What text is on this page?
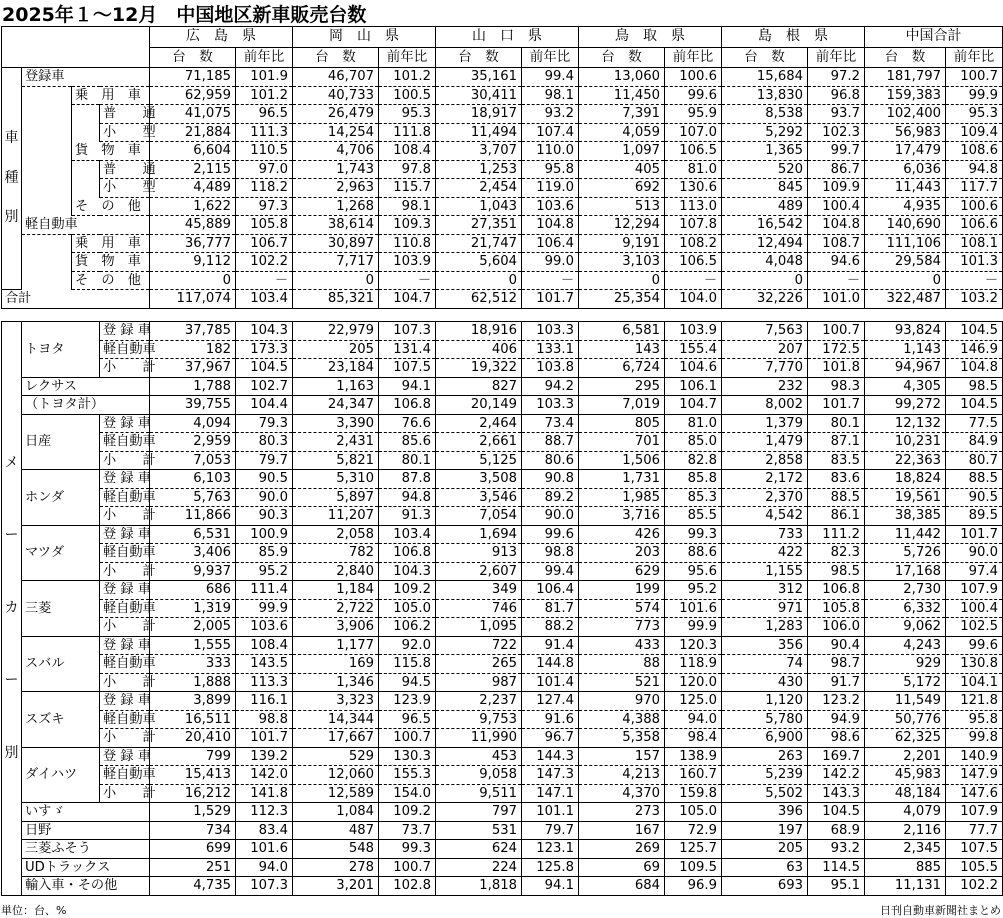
2025年１～12月　中国地区新車販売台数
				広　島　県		岡　山　県		山　口　県		鳥　取　県		島　根　県		中国合計	
				台　数	前年比	台　数	前年比	台　数	前年比	台　数	前年比	台　数	前年比	台　数	前年比

車
種
別	登録車			71,185	101.9	46,707	101.2	35,161	99.4	13,060	100.6	15,684	97.2	181,797	100.7
		乗　用　車		62,959	101.2	40,733	100.5	30,411	98.1	11,450	99.6	13,830	96.8	159,383	99.9
			普　　通	41,075	96.5	26,479	95.3	18,917	93.2	7,391	95.9	8,538	93.7	102,400	95.3
			小　　型	21,884	111.3	14,254	111.8	11,494	107.4	4,059	107.0	5,292	102.3	56,983	109.4
		貨　物　車		6,604	110.5	4,706	108.4	3,707	110.0	1,097	106.5	1,365	99.7	17,479	108.6
			普　　通	2,115	97.0	1,743	97.8	1,253	95.8	405	81.0	520	86.7	6,036	94.8
			小　　型	4,489	118.2	2,963	115.7	2,454	119.0	692	130.6	845	109.9	11,443	117.7
		そ　の　他		1,622	97.3	1,268	98.1	1,043	103.6	513	113.0	489	100.4	4,935	100.6
	軽自動車			45,889	105.8	38,614	109.3	27,351	104.8	12,294	107.8	16,542	104.8	140,690	106.6
		乗　用　車		36,777	106.7	30,897	110.8	21,747	106.4	9,191	108.2	12,494	108.7	111,106	108.1
		貨　物　車		9,112	102.2	7,717	103.9	5,604	99.0	3,103	106.5	4,048	94.6	29,584	101.3
		そ　の　他		0	－	0	－	0	－	0	－	0	－	0	－
合計				117,074	103.4	85,321	104.7	62,512	101.7	25,354	104.0	32,226	101.0	322,487	103.2
メ
ー
カ
ー
別	トヨタ	登 録 車	37,785	104.3	22,979	107.3	18,916	103.3	6,581	103.9	7,563	100.7	93,824	104.5
		軽自動車	182	173.3	205	131.4	406	133.1	143	155.4	207	172.5	1,143	146.9
		小　　計	37,967	104.5	23,184	107.5	19,322	103.8	6,724	104.6	7,770	101.8	94,967	104.8
	レクサス		1,788	102.7	1,163	94.1	827	94.2	295	106.1	232	98.3	4,305	98.5
	（トヨタ計）		39,755	104.4	24,347	106.8	20,149	103.3	7,019	104.7	8,002	101.7	99,272	104.5
	日産	登 録 車	4,094	79.3	3,390	76.6	2,464	73.4	805	81.0	1,379	80.1	12,132	77.5
		軽自動車	2,959	80.3	2,431	85.6	2,661	88.7	701	85.0	1,479	87.1	10,231	84.9
		小　　計	7,053	79.7	5,821	80.1	5,125	80.6	1,506	82.8	2,858	83.5	22,363	80.7
	ホンダ	登 録 車	6,103	90.5	5,310	87.8	3,508	90.8	1,731	85.8	2,172	83.6	18,824	88.5
		軽自動車	5,763	90.0	5,897	94.8	3,546	89.2	1,985	85.3	2,370	88.5	19,561	90.5
		小　　計	11,866	90.3	11,207	91.3	7,054	90.0	3,716	85.5	4,542	86.1	38,385	89.5
	マツダ	登 録 車	6,531	100.9	2,058	103.4	1,694	99.6	426	99.3	733	111.2	11,442	101.7
		軽自動車	3,406	85.9	782	106.8	913	98.8	203	88.6	422	82.3	5,726	90.0
		小　　計	9,937	95.2	2,840	104.3	2,607	99.4	629	95.6	1,155	98.5	17,168	97.4
	三菱	登 録 車	686	111.4	1,184	109.2	349	106.4	199	95.2	312	106.8	2,730	107.9
		軽自動車	1,319	99.9	2,722	105.0	746	81.7	574	101.6	971	105.8	6,332	100.4
		小　　計	2,005	103.6	3,906	106.2	1,095	88.2	773	99.9	1,283	106.0	9,062	102.5
	スバル	登 録 車	1,555	108.4	1,177	92.0	722	91.4	433	120.3	356	90.4	4,243	99.6
		軽自動車	333	143.5	169	115.8	265	144.8	88	118.9	74	98.7	929	130.8
		小　　計	1,888	113.3	1,346	94.5	987	101.4	521	120.0	430	91.7	5,172	104.1
	スズキ	登 録 車	3,899	116.1	3,323	123.9	2,237	127.4	970	125.0	1,120	123.2	11,549	121.8
		軽自動車	16,511	98.8	14,344	96.5	9,753	91.6	4,388	94.0	5,780	94.9	50,776	95.8
		小　　計	20,410	101.7	17,667	100.7	11,990	96.7	5,358	98.4	6,900	98.6	62,325	99.8
	ダイハツ	登 録 車	799	139.2	529	130.3	453	144.3	157	138.9	263	169.7	2,201	140.9
		軽自動車	15,413	142.0	12,060	155.3	9,058	147.3	4,213	160.7	5,239	142.2	45,983	147.9
		小　　計	16,212	141.8	12,589	154.0	9,511	147.1	4,370	159.8	5,502	143.3	48,184	147.6
	いすゞ		1,529	112.3	1,084	109.2	797	101.1	273	105.0	396	104.5	4,079	107.9
	日野		734	83.4	487	73.7	531	79.7	167	72.9	197	68.9	2,116	77.7
	三菱ふそう		699	101.6	548	99.3	624	123.1	269	125.7	205	93.2	2,345	107.5
	UDトラックス		251	94.0	278	100.7	224	125.8	69	109.5	63	114.5	885	105.5
	輸入車・その他		4,735	107.3	3,201	102.8	1,818	94.1	684	96.9	693	95.1	11,131	102.2
単位：台、%	日刊自動車新聞社まとめ
